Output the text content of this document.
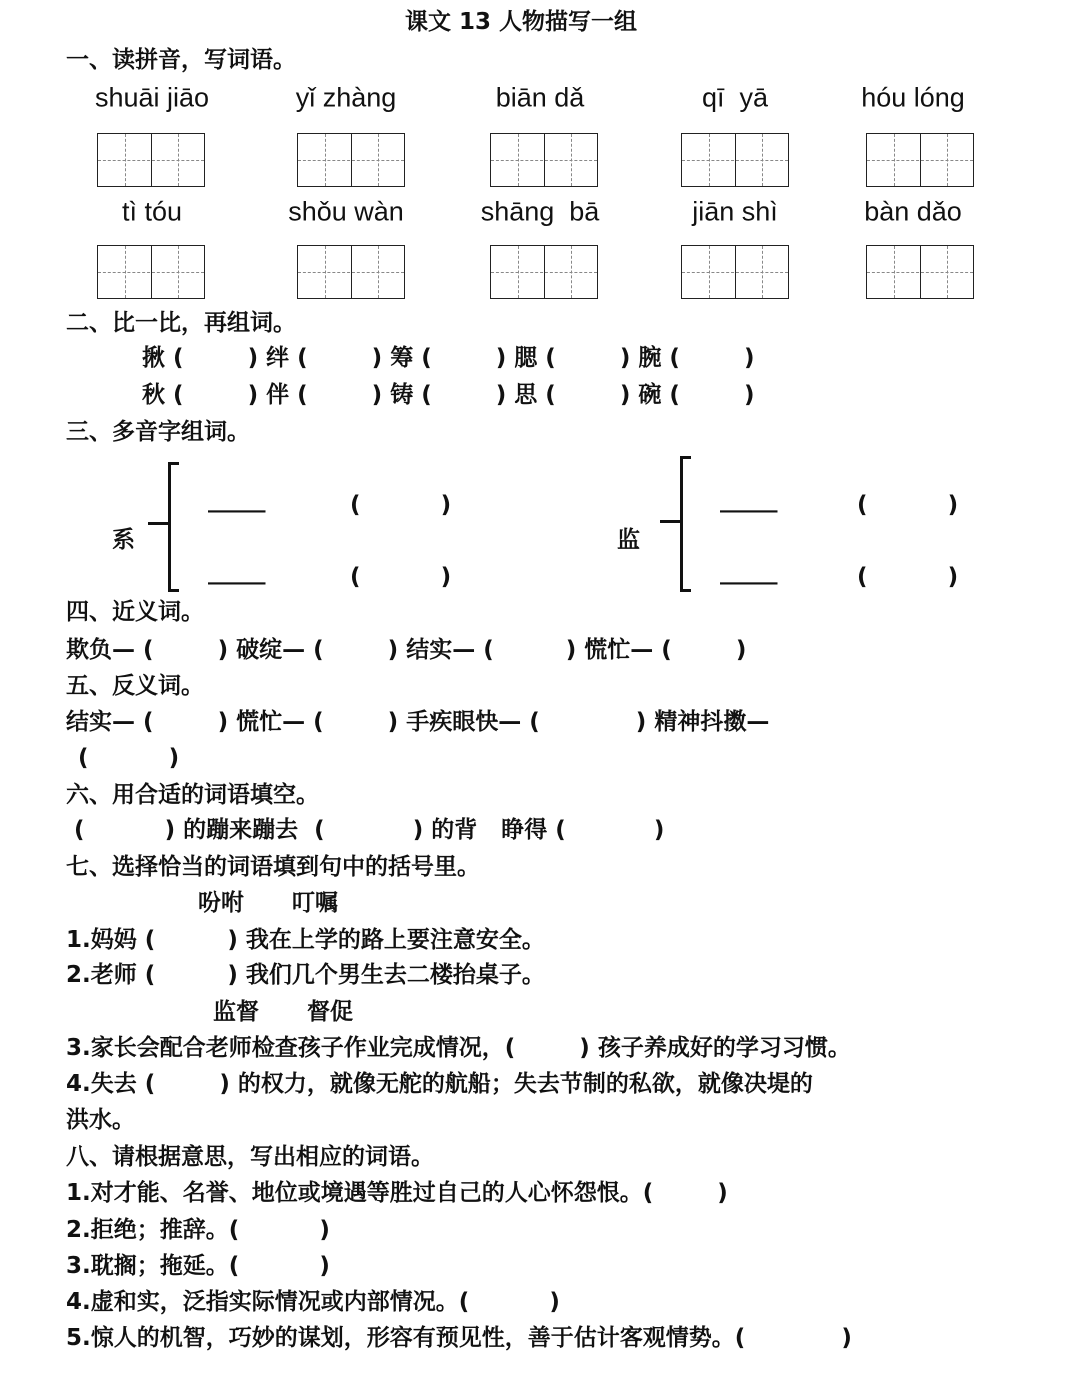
课文 13 人物描写一组
一、读拼音，写词语。
shuāi jiāo	yǐ zhàng	biān dǎ	qī  yā	hóu lóng
tì tóu	shǒu wàn	shāng  bā	jiān shì	bàn dǎo
二、比一比，再组词。
揪 (        ) 绊 (        ) 筹 (        ) 腮 (        ) 腕 (        )
秋 (        ) 伴 (        ) 铸 (        ) 思 (        ) 碗 (        )
三、多音字组词。
系
_____	(          )
_____	(          )
监
_____	(          )
_____	(          )
四、近义词。
欺负— (        ) 破绽— (        ) 结实— (         ) 慌忙— (        )
五、反义词。
结实— (        ) 慌忙— (        ) 手疾眼快— (            ) 精神抖擞—
(          )
六、用合适的词语填空。
(          ) 的蹦来蹦去  (           ) 的背   睁得 (           )
七、选择恰当的词语填到句中的括号里。
吩咐      叮嘱
1.妈妈 (         ) 我在上学的路上要注意安全。
2.老师 (         ) 我们几个男生去二楼抬桌子。
监督      督促
3.家长会配合老师检查孩子作业完成情况，(        ) 孩子养成好的学习习惯。
4.失去 (        ) 的权力，就像无舵的航船；失去节制的私欲，就像决堤的
洪水。
八、请根据意思，写出相应的词语。
1.对才能、名誉、地位或境遇等胜过自己的人心怀怨恨。(        )
2.拒绝；推辞。(          )
3.耽搁；拖延。(          )
4.虚和实，泛指实际情况或内部情况。(          )
5.惊人的机智，巧妙的谋划，形容有预见性，善于估计客观情势。(            )
